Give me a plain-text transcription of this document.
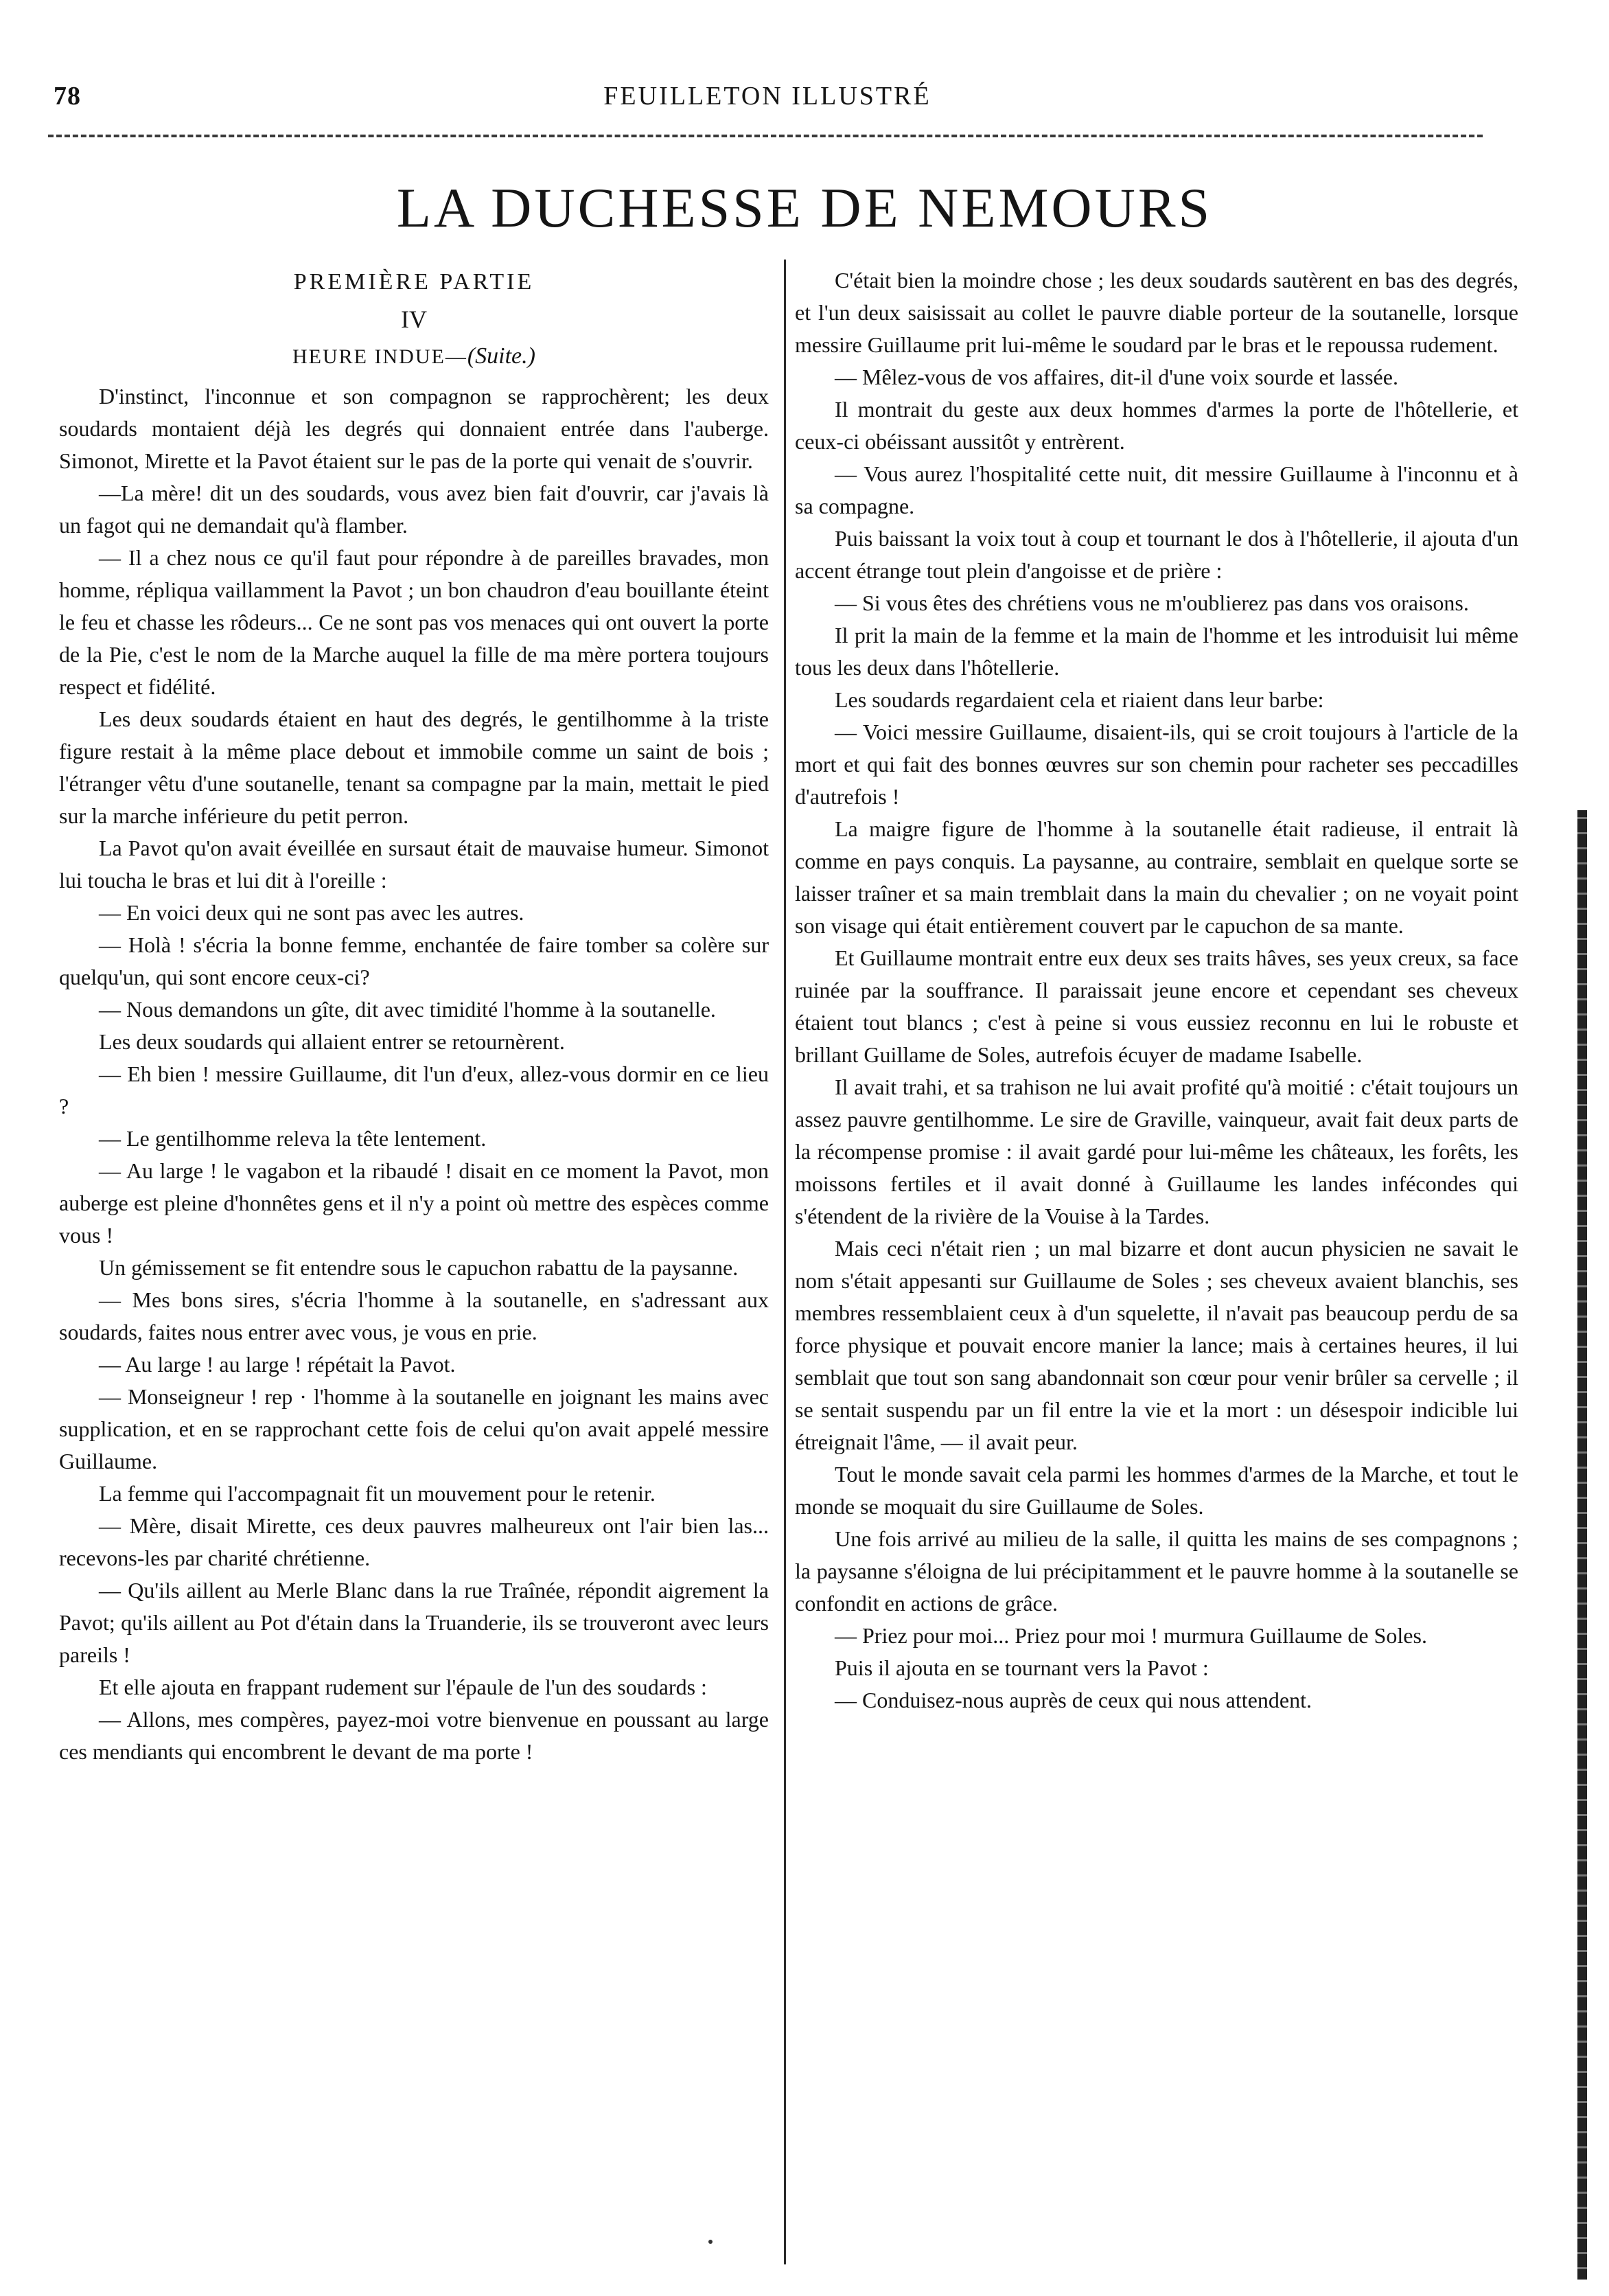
78	FEUILLETON ILLUSTRÉ
LA DUCHESSE DE NEMOURS
PREMIÈRE PARTIE
IV
HEURE INDUE—(Suite.)

D'instinct, l'inconnue et son compagnon se rapprochèrent; les deux soudards montaient déjà les degrés qui donnaient entrée dans l'auberge. Simonot, Mirette et la Pavot étaient sur le pas de la porte qui venait de s'ouvrir.

—La mère! dit un des soudards, vous avez bien fait d'ouvrir, car j'avais là un fagot qui ne demandait qu'à flamber.

— Il a chez nous ce qu'il faut pour répondre à de pareilles bravades, mon homme, répliqua vaillamment la Pavot ; un bon chaudron d'eau bouillante éteint le feu et chasse les rôdeurs... Ce ne sont pas vos menaces qui ont ouvert la porte de la Pie, c'est le nom de la Marche auquel la fille de ma mère portera toujours respect et fidélité.

Les deux soudards étaient en haut des degrés, le gentilhomme à la triste figure restait à la même place debout et immobile comme un saint de bois ; l'étranger vêtu d'une soutanelle, tenant sa compagne par la main, mettait le pied sur la marche inférieure du petit perron.

La Pavot qu'on avait éveillée en sursaut était de mauvaise humeur. Simonot lui toucha le bras et lui dit à l'oreille :

— En voici deux qui ne sont pas avec les autres.

— Holà ! s'écria la bonne femme, enchantée de faire tomber sa colère sur quelqu'un, qui sont encore ceux-ci?

— Nous demandons un gîte, dit avec timidité l'homme à la soutanelle.

Les deux soudards qui allaient entrer se retournèrent.

— Eh bien ! messire Guillaume, dit l'un d'eux, allez-vous dormir en ce lieu ?

— Le gentilhomme releva la tête lentement.

— Au large ! le vagabon et la ribaudé ! disait en ce moment la Pavot, mon auberge est pleine d'honnêtes gens et il n'y a point où mettre des espèces comme vous !

Un gémissement se fit entendre sous le capuchon rabattu de la paysanne.

— Mes bons sires, s'écria l'homme à la soutanelle, en s'adressant aux soudards, faites nous entrer avec vous, je vous en prie.

— Au large ! au large ! répétait la Pavot.

— Monseigneur ! rep · l'homme à la soutanelle en joignant les mains avec supplication, et en se rapprochant cette fois de celui qu'on avait appelé messire Guillaume.

La femme qui l'accompagnait fit un mouvement pour le retenir.

— Mère, disait Mirette, ces deux pauvres malheureux ont l'air bien las... recevons-les par charité chrétienne.

— Qu'ils aillent au Merle Blanc dans la rue Traînée, répondit aigrement la Pavot; qu'ils aillent au Pot d'étain dans la Truanderie, ils se trouveront avec leurs pareils !

Et elle ajouta en frappant rudement sur l'épaule de l'un des soudards :

— Allons, mes compères, payez-moi votre bienvenue en poussant au large ces mendiants qui encombrent le devant de ma porte !

C'était bien la moindre chose ; les deux soudards sautèrent en bas des degrés, et l'un deux saisissait au collet le pauvre diable porteur de la soutanelle, lorsque messire Guillaume prit lui-même le soudard par le bras et le repoussa rudement.

— Mêlez-vous de vos affaires, dit-il d'une voix sourde et lassée.

Il montrait du geste aux deux hommes d'armes la porte de l'hôtellerie, et ceux-ci obéissant aussitôt y entrèrent.

— Vous aurez l'hospitalité cette nuit, dit messire Guillaume à l'inconnu et à sa compagne.

Puis baissant la voix tout à coup et tournant le dos à l'hôtellerie, il ajouta d'un accent étrange tout plein d'angoisse et de prière :

— Si vous êtes des chrétiens vous ne m'oublierez pas dans vos oraisons.

Il prit la main de la femme et la main de l'homme et les introduisit lui même tous les deux dans l'hôtellerie.

Les soudards regardaient cela et riaient dans leur barbe:

— Voici messire Guillaume, disaient-ils, qui se croit toujours à l'article de la mort et qui fait des bonnes œuvres sur son chemin pour racheter ses peccadilles d'autrefois !

La maigre figure de l'homme à la soutanelle était radieuse, il entrait là comme en pays conquis. La paysanne, au contraire, semblait en quelque sorte se laisser traîner et sa main tremblait dans la main du chevalier ; on ne voyait point son visage qui était entièrement couvert par le capuchon de sa mante.

Et Guillaume montrait entre eux deux ses traits hâves, ses yeux creux, sa face ruinée par la souffrance. Il paraissait jeune encore et cependant ses cheveux étaient tout blancs ; c'est à peine si vous eussiez reconnu en lui le robuste et brillant Guillame de Soles, autrefois écuyer de madame Isabelle.

Il avait trahi, et sa trahison ne lui avait profité qu'à moitié : c'était toujours un assez pauvre gentilhomme. Le sire de Graville, vainqueur, avait fait deux parts de la récompense promise : il avait gardé pour lui-même les châteaux, les forêts, les moissons fertiles et il avait donné à Guillaume les landes infécondes qui s'étendent de la rivière de la Vouise à la Tardes.

Mais ceci n'était rien ; un mal bizarre et dont aucun physicien ne savait le nom s'était appesanti sur Guillaume de Soles ; ses cheveux avaient blanchis, ses membres ressemblaient ceux à d'un squelette, il n'avait pas beaucoup perdu de sa force physique et pouvait encore manier la lance; mais à certaines heures, il lui semblait que tout son sang abandonnait son cœur pour venir brûler sa cervelle ; il se sentait suspendu par un fil entre la vie et la mort : un désespoir indicible lui étreignait l'âme, — il avait peur.

Tout le monde savait cela parmi les hommes d'armes de la Marche, et tout le monde se moquait du sire Guillaume de Soles.

Une fois arrivé au milieu de la salle, il quitta les mains de ses compagnons ; la paysanne s'éloigna de lui précipitamment et le pauvre homme à la soutanelle se confondit en actions de grâce.

— Priez pour moi... Priez pour moi ! murmura Guillaume de Soles.

Puis il ajouta en se tournant vers la Pavot :

— Conduisez-nous auprès de ceux qui nous attendent.
